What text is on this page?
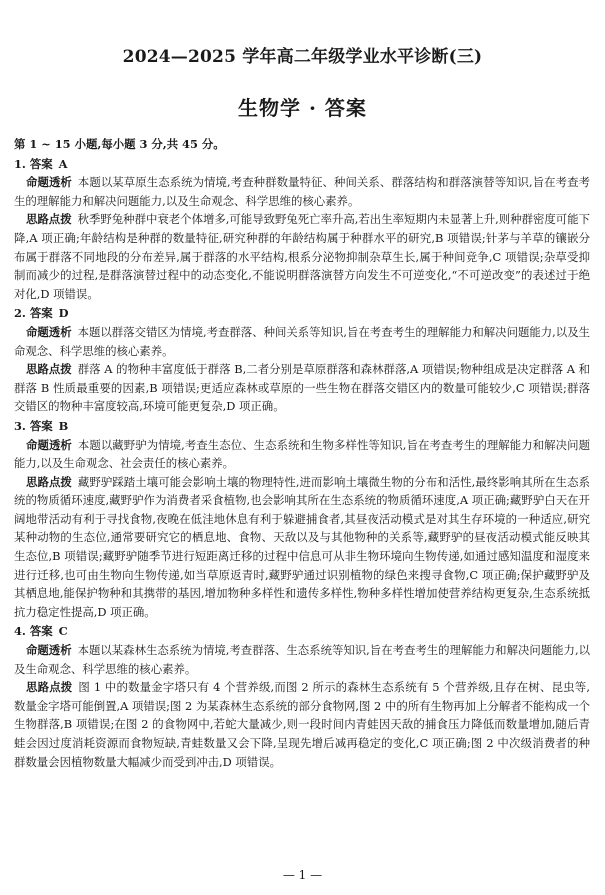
2024—2025 学年高二年级学业水平诊断(三)
生物学 · 答案
第 1 ~ 15 小题,每小题 3 分,共 45 分。
1. 答案 A
命题透析 本题以某草原生态系统为情境,考查种群数量特征、种间关系、群落结构和群落演替等知识,旨在考查考生的理解能力和解决问题能力,以及生命观念、科学思维的核心素养。
思路点拨 秋季野兔种群中衰老个体增多,可能导致野兔死亡率升高,若出生率短期内未显著上升,则种群密度可能下降,A 项正确;年龄结构是种群的数量特征,研究种群的年龄结构属于种群水平的研究,B 项错误;针茅与羊草的镶嵌分布属于群落不同地段的分布差异,属于群落的水平结构,根系分泌物抑制杂草生长,属于种间竞争,C 项错误;杂草受抑制而减少的过程,是群落演替过程中的动态变化,不能说明群落演替方向发生不可逆变化,“不可逆改变”的表述过于绝对化,D 项错误。
2. 答案 D
命题透析 本题以群落交错区为情境,考查群落、种间关系等知识,旨在考查考生的理解能力和解决问题能力,以及生命观念、科学思维的核心素养。
思路点拨 群落 A 的物种丰富度低于群落 B,二者分别是草原群落和森林群落,A 项错误;物种组成是决定群落 A 和群落 B 性质最重要的因素,B 项错误;更适应森林或草原的一些生物在群落交错区内的数量可能较少,C 项错误;群落交错区的物种丰富度较高,环境可能更复杂,D 项正确。
3. 答案 B
命题透析 本题以藏野驴为情境,考查生态位、生态系统和生物多样性等知识,旨在考查考生的理解能力和解决问题能力,以及生命观念、社会责任的核心素养。
思路点拨 藏野驴踩踏土壤可能会影响土壤的物理特性,进而影响土壤微生物的分布和活性,最终影响其所在生态系统的物质循环速度,藏野驴作为消费者采食植物,也会影响其所在生态系统的物质循环速度,A 项正确;藏野驴白天在开阔地带活动有利于寻找食物,夜晚在低洼地休息有利于躲避捕食者,其昼夜活动模式是对其生存环境的一种适应,研究某种动物的生态位,通常要研究它的栖息地、食物、天敌以及与其他物种的关系等,藏野驴的昼夜活动模式能反映其生态位,B 项错误;藏野驴随季节进行短距离迁移的过程中信息可从非生物环境向生物传递,如通过感知温度和湿度来进行迁移,也可由生物向生物传递,如当草原返青时,藏野驴通过识别植物的绿色来搜寻食物,C 项正确;保护藏野驴及其栖息地,能保护物种和其携带的基因,增加物种多样性和遗传多样性,物种多样性增加使营养结构更复杂,生态系统抵抗力稳定性提高,D 项正确。
4. 答案 C
命题透析 本题以某森林生态系统为情境,考查群落、生态系统等知识,旨在考查考生的理解能力和解决问题能力,以及生命观念、科学思维的核心素养。
思路点拨 图 1 中的数量金字塔只有 4 个营养级,而图 2 所示的森林生态系统有 5 个营养级,且存在树、昆虫等,数量金字塔可能倒置,A 项错误;图 2 为某森林生态系统的部分食物网,图 2 中的所有生物再加上分解者不能构成一个生物群落,B 项错误;在图 2 的食物网中,若蛇大量减少,则一段时间内青蛙因天敌的捕食压力降低而数量增加,随后青蛙会因过度消耗资源而食物短缺,青蛙数量又会下降,呈现先增后减再稳定的变化,C 项正确;图 2 中次级消费者的种群数量会因植物数量大幅减少而受到冲击,D 项错误。
— 1 —
